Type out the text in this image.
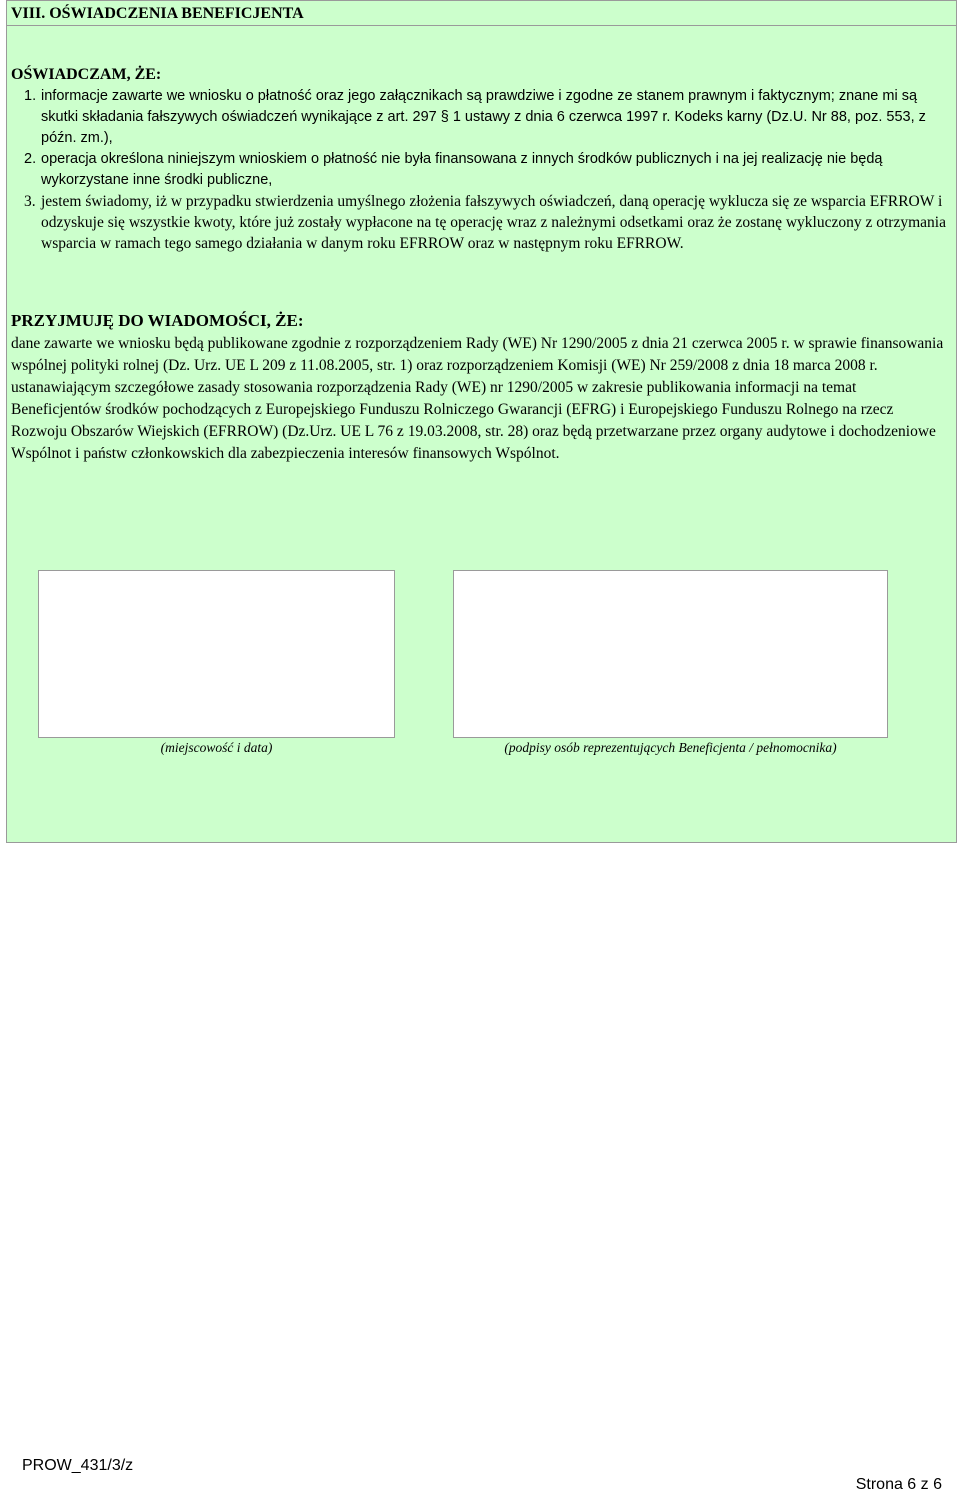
VIII. OŚWIADCZENIA BENEFICJENTA
OŚWIADCZAM, ŻE:
1. informacje zawarte we wniosku o płatność oraz jego załącznikach są prawdziwe i zgodne ze stanem prawnym i faktycznym; znane mi są skutki składania fałszywych oświadczeń wynikające z art. 297 § 1 ustawy z dnia 6 czerwca 1997 r. Kodeks karny (Dz.U. Nr 88, poz. 553, z późn. zm.),
2. operacja określona niniejszym wnioskiem o płatność nie była finansowana z innych środków publicznych i na jej realizację nie będą wykorzystane inne środki publiczne,
3. jestem świadomy, iż w przypadku stwierdzenia umyślnego złożenia fałszywych oświadczeń, daną operację wyklucza się ze wsparcia EFRROW i odzyskuje się wszystkie kwoty, które już zostały wypłacone na tę operację wraz z należnymi odsetkami oraz że zostanę wykluczony z otrzymania wsparcia w ramach tego samego działania w danym roku EFRROW oraz w następnym roku EFRROW.
PRZYJMUJĘ DO WIADOMOŚCI, ŻE:
dane zawarte we wniosku będą publikowane zgodnie z rozporządzeniem Rady (WE) Nr 1290/2005 z dnia 21 czerwca 2005 r. w sprawie finansowania wspólnej polityki rolnej (Dz. Urz. UE L 209 z 11.08.2005, str. 1) oraz rozporządzeniem Komisji (WE) Nr 259/2008 z dnia 18 marca 2008 r. ustanawiającym szczegółowe zasady stosowania rozporządzenia Rady (WE) nr 1290/2005 w zakresie publikowania informacji na temat Beneficjentów środków pochodzących z Europejskiego Funduszu Rolniczego Gwarancji (EFRG) i Europejskiego Funduszu Rolnego na rzecz Rozwoju Obszarów Wiejskich (EFRROW) (Dz.Urz. UE L 76 z 19.03.2008, str. 28) oraz będą przetwarzane przez organy audytowe i dochodzeniowe Wspólnot i państw członkowskich dla zabezpieczenia interesów finansowych Wspólnot.
(miejscowość i data)	(podpisy osób reprezentujących Beneficjenta / pełnomocnika)
PROW_431/3/z
Strona 6 z 6
